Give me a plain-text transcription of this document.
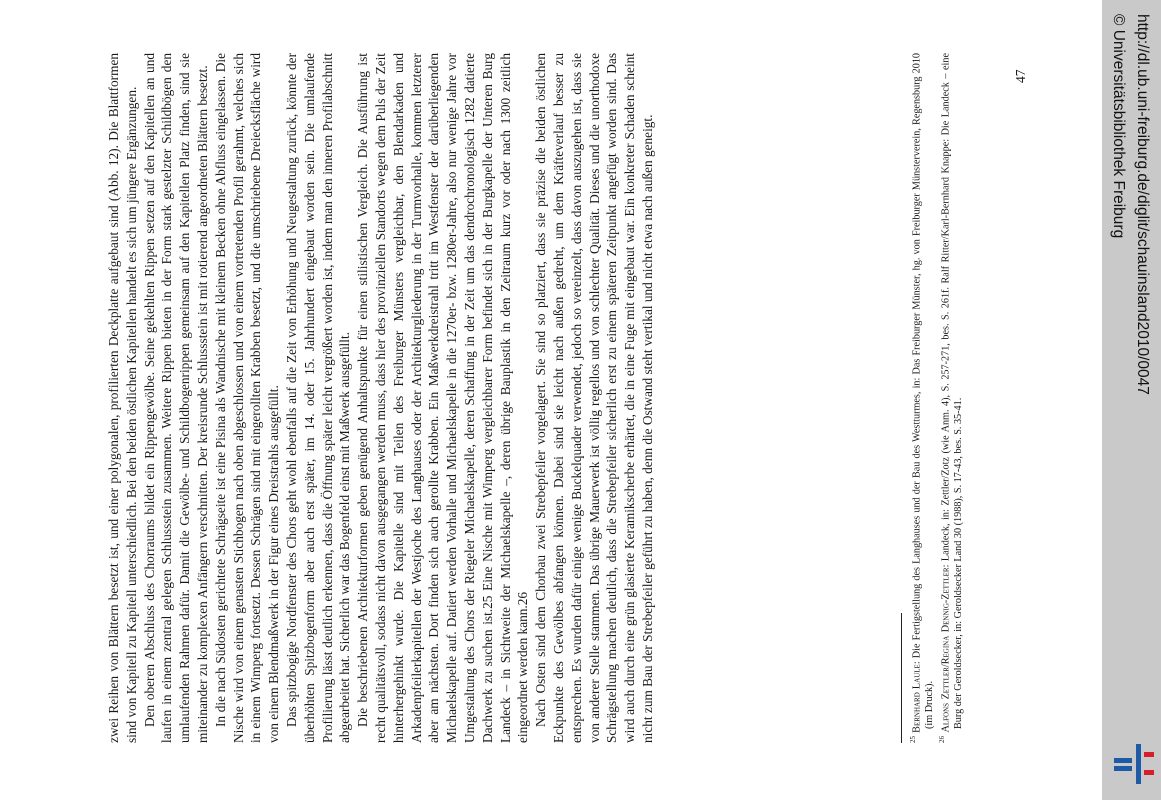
zwei Reihen von Blättern besetzt ist, und einer polygonalen, profilierten Deckplatte aufgebaut sind (Abb. 12). Die Blattformen sind von Kapitell zu Kapitell unterschiedlich. Bei den beiden östlichen Kapitellen handelt es sich um jüngere Ergänzungen. Den oberen Abschluss des Chorraums bildet ein Rippengewölbe. Seine gekehlten Rippen setzen auf den Kapitellen an und laufen in einem zentral gelegen Schlussstein zusammen. Weitere Rippen bieten in der Form stark gestelzter Schildbögen den umlaufenden Rahmen dafür. Damit die Gewölbe- und Schildbogenrippen gemeinsam auf den Kapitellen Platz finden, sind sie miteinander zu komplexen Anfängern verschnitten. Der kreisrunde Schlussstein ist mit rotierend angeordneten Blättern besetzt. In die nach Südosten gerichtete Schrägseite ist eine Pisina als Wandnische mit kleinem Becken ohne Abfluss eingelassen. Die Nische wird von einem genasten Stichbogen nach oben abgeschlossen und von einem vortretenden Profil gerahmt, welches sich in einem Wimperg fortsetzt. Dessen Schrägen sind mit eingerollten Krabben besetzt, und die umschriebene Dreiecksfläche wird von einem Blendmaßwerk in der Figur eines Dreistrahls ausgefüllt. Das spitzbogige Nordfenster des Chors geht wohl ebenfalls auf die Zeit von Erhöhung und Neugestaltung zurück, könnte der überhöhten Spitzbogenform aber auch erst später, im 14. oder 15. Jahrhundert eingebaut worden sein. Die umlaufende Profilierung lässt deutlich erkennen, dass die Öffnung später leicht vergrößert worden ist, indem man den inneren Profilabschnitt abgearbeitet hat. Sicherlich war das Bogenfeld einst mit Maßwerk ausgefüllt. Die beschriebenen Architekturformen geben genügend Anhaltspunkte für einen stilistischen Vergleich. Die Ausführung ist recht qualitätsvoll, sodass nicht davon ausgegangen werden muss, dass hier des provinziellen Standorts wegen dem Puls der Zeit hinterhergehinkt wurde. Die Kapitelle sind mit Teilen des Freiburger Münsters vergleichbar, den Blendarkaden und Arkadenpfeilerkapitellen der Westjoche des Langhauses oder der Architekturgliederung in der Turmvorhalle, kommen letzterer aber am nächsten. Dort finden sich auch gerollte Krabben. Ein Maßwerkdreistrahl tritt im Westfenster der darüberliegenden Michaelskapelle auf. Datiert werden Vorhalle und Michaelskapelle in die 1270er- bzw. 1280er-Jahre, also nur wenige Jahre vor Umgestaltung des Chors der Riegeler Michaelskapelle, deren Schaffung in der Zeit um das dendrochronologisch 1282 datierte Dachwerk zu suchen ist.25 Eine Nische mit Wimperg vergleichbarer Form befindet sich in der Burgkapelle der Unteren Burg Landeck – in Sichtweite der Michaelskapelle –, deren übrige Bauplastik in den Zeitraum kurz vor oder nach 1300 zeitlich eingeordnet werden kann.26 Nach Osten sind dem Chorbau zwei Strebepfeiler vorgelagert. Sie sind so platziert, dass sie präzise die beiden östlichen Eckpunkte des Gewölbes abfangen können. Dabei sind sie leicht nach außen gedreht, um dem Kräfteverlauf besser zu entsprechen. Es wurden dafür einige wenige Buckelquader verwendet, jedoch so vereinzelt, dass davon auszugehen ist, dass sie von anderer Stelle stammen. Das übrige Mauerwerk ist völlig regellos und von schlechter Qualität. Dieses und die unorthodoxe Schrägstellung machen deutlich, dass die Strebepfeiler sicherlich erst zu einem späteren Zeitpunkt angefügt worden sind. Das wird auch durch eine grün glasierte Keramikscherbe erhärtet, die in eine Fuge mit eingebaut war. Ein konkreter Schaden scheint nicht zum Bau der Strebepfeiler geführt zu haben, denn die Ostwand steht vertikal und nicht etwa nach außen geneigt.	$^{25}$ Bernhard Laule: Die Fertigstellung des Langhauses und der Bau des Westturmes, in: Das Freiburger Münster, hg. von Freiburger Münsterverein, Regensburg 2010 (im Druck).

$^{26}$ Alfons Zettler/Regina Dennig-Zettler: Landeck, in: Zettler/Zotz (wie Anm. 4), S. 257-271, bes. S. 261f. Ralf Ritter/Karl-Bernhard Knappe: Die Landeck – eine Burg der Geroldsecker, in: Geroldsecker Land 30 (1988), S. 17-43, bes. S. 35-41.

47	http://dl.ub.uni-freiburg.de/diglit/schauinsland2010/0047
© Universitätsbibliothek Freiburg
